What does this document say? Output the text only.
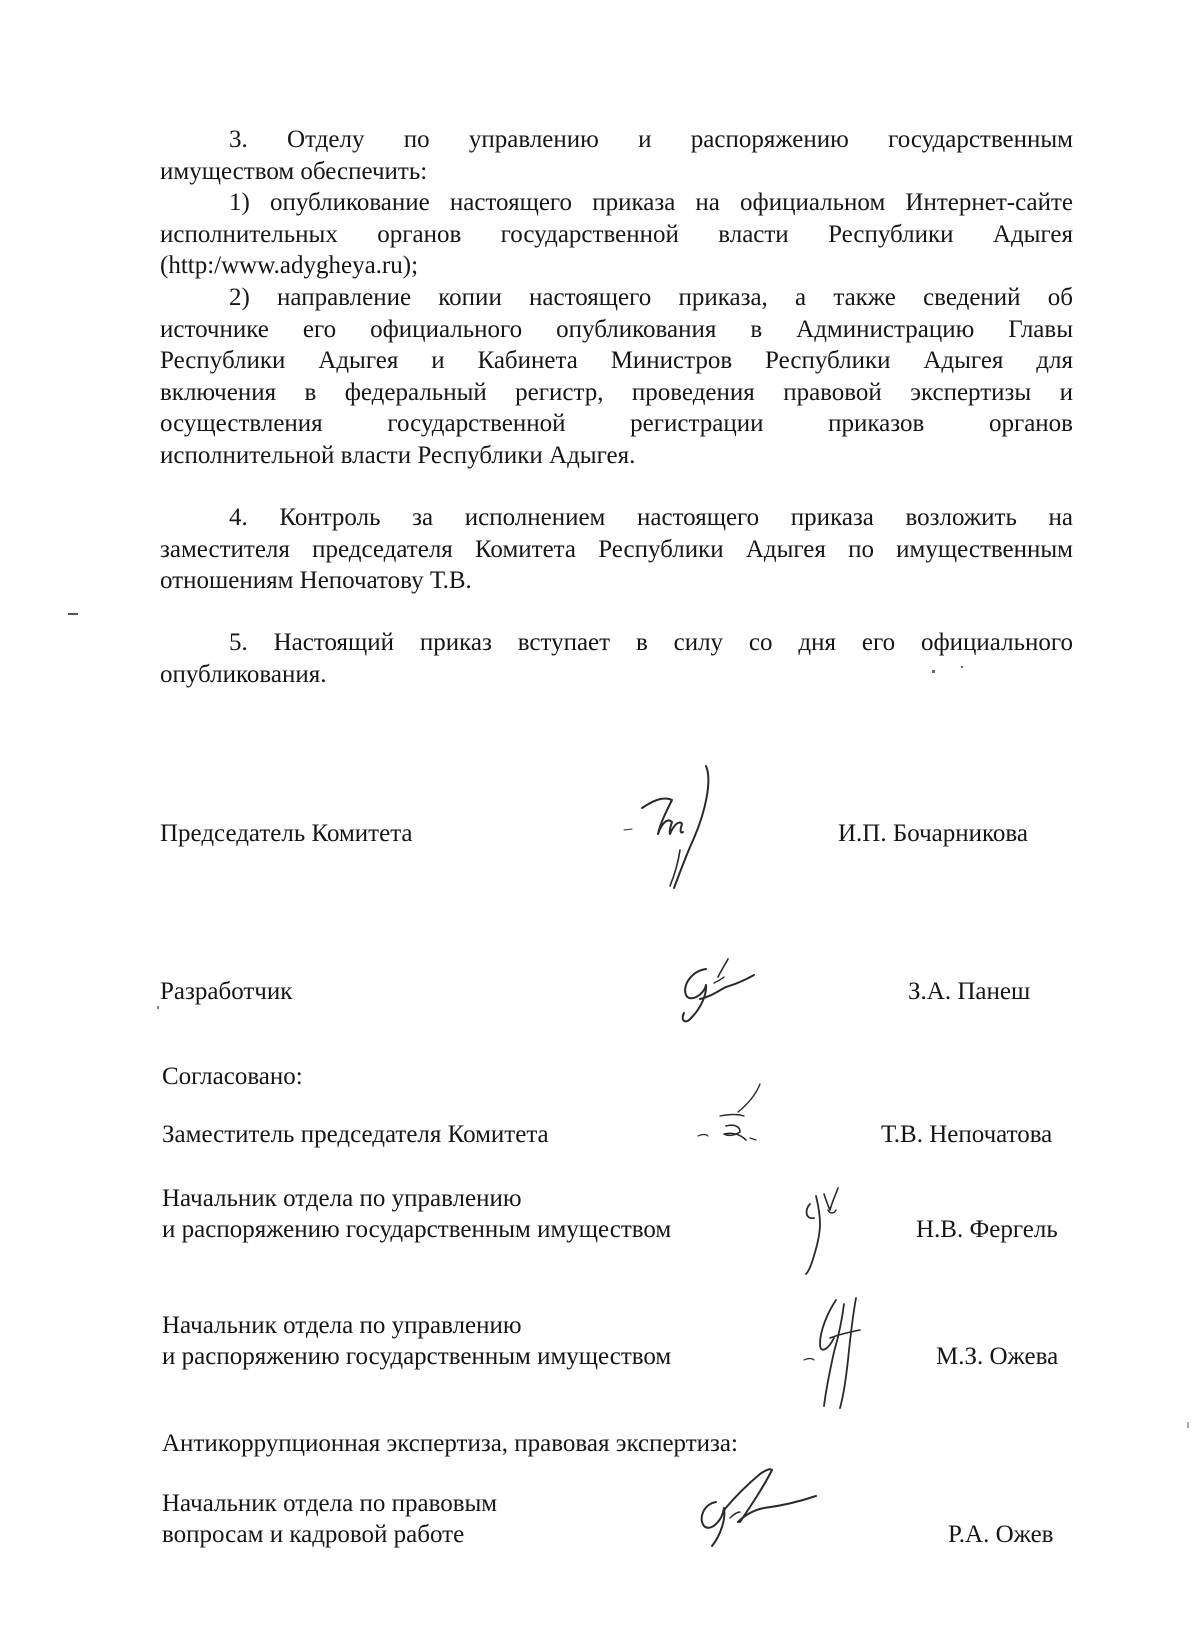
3. Отделу по управлению и распоряжению государственным

имуществом обеспечить:

1) опубликование настоящего приказа на официальном Интернет-сайте

исполнительных органов государственной власти Республики Адыгея

(http:/www.adygheya.ru);

2) направление копии настоящего приказа, а также сведений об

источнике его официального опубликования в Администрацию Главы

Республики Адыгея и Кабинета Министров Республики Адыгея для

включения в федеральный регистр, проведения правовой экспертизы и

осуществления государственной регистрации приказов органов

исполнительной власти Республики Адыгея.

4. Контроль за исполнением настоящего приказа возложить на

заместителя председателя Комитета Республики Адыгея по имущественным

отношениям Непочатову Т.В.

5. Настоящий приказ вступает в силу со дня его официального

опубликования.

Председатель Комитета	И.П. Бочарникова
Разработчик	З.А. Панеш
Согласовано:
Заместитель председателя Комитета	Т.В. Непочатова
Начальник отдела по управлению
и распоряжению государственным имуществом	Н.В. Фергель
Начальник отдела по управлению
и распоряжению государственным имуществом	М.З. Ожева
Антикоррупционная экспертиза, правовая экспертиза:
Начальник отдела по правовым
вопросам и кадровой работе	Р.А. Ожев
